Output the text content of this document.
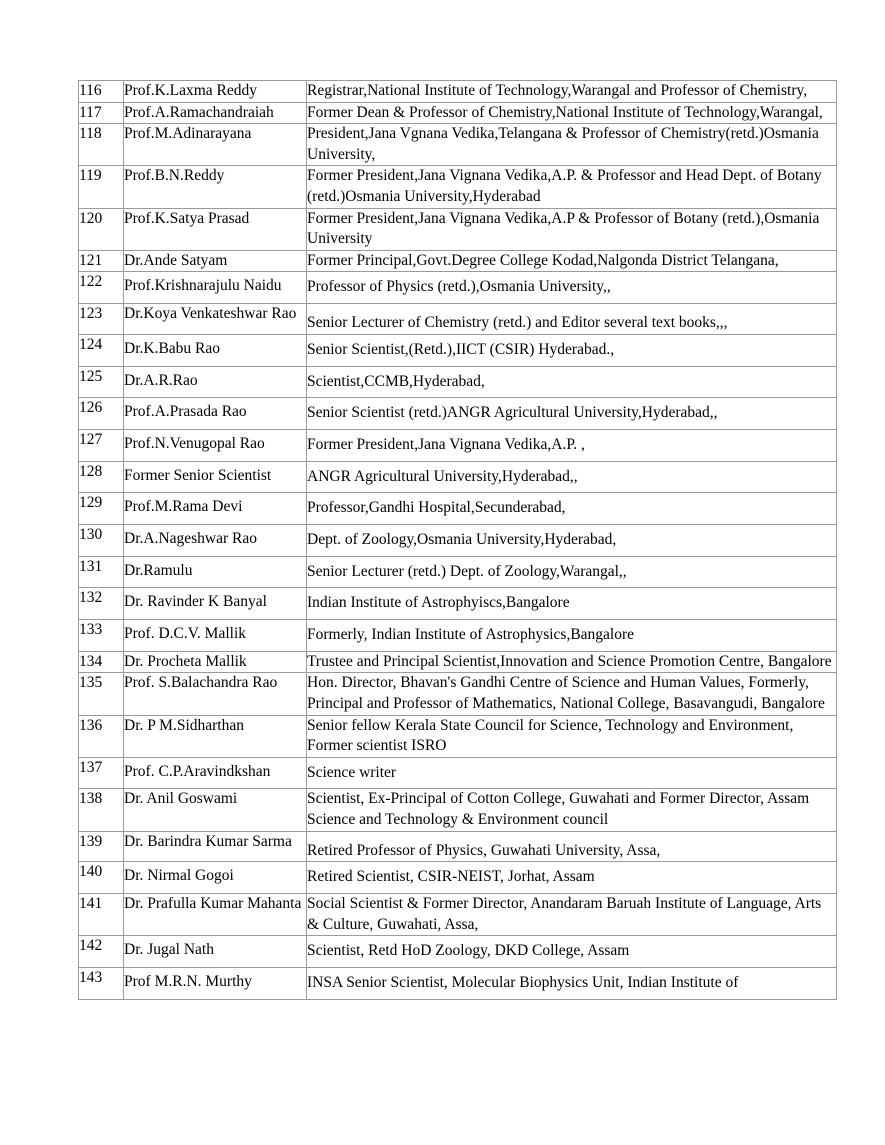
116	Prof.K.Laxma Reddy	Registrar,National Institute of Technology,Warangal and Professor of Chemistry,
117	Prof.A.Ramachandraiah	Former Dean & Professor of Chemistry,National Institute of Technology,Warangal,
118	Prof.M.Adinarayana	President,Jana Vgnana Vedika,Telangana & Professor of Chemistry(retd.)Osmania University,
119	Prof.B.N.Reddy	Former President,Jana Vignana Vedika,A.P. & Professor and Head Dept. of Botany (retd.)Osmania University,Hyderabad
120	Prof.K.Satya Prasad	Former President,Jana Vignana Vedika,A.P & Professor of Botany (retd.),Osmania University
121	Dr.Ande Satyam	Former Principal,Govt.Degree College Kodad,Nalgonda District Telangana,
122	Prof.Krishnarajulu Naidu	Professor of Physics (retd.),Osmania University,,
123	Dr.Koya Venkateshwar Rao	Senior Lecturer of Chemistry (retd.) and Editor several text books,,,
124	Dr.K.Babu Rao	Senior Scientist,(Retd.),IICT (CSIR) Hyderabad.,
125	Dr.A.R.Rao	Scientist,CCMB,Hyderabad,
126	Prof.A.Prasada Rao	Senior Scientist (retd.)ANGR Agricultural University,Hyderabad,,
127	Prof.N.Venugopal Rao	Former President,Jana Vignana Vedika,A.P. ,
128	Former Senior Scientist	ANGR Agricultural University,Hyderabad,,
129	Prof.M.Rama Devi	Professor,Gandhi Hospital,Secunderabad,
130	Dr.A.Nageshwar Rao	Dept. of Zoology,Osmania University,Hyderabad,
131	Dr.Ramulu	Senior Lecturer (retd.) Dept. of Zoology,Warangal,,
132	Dr. Ravinder K Banyal	Indian Institute of Astrophyiscs,Bangalore
133	Prof. D.C.V. Mallik	Formerly, Indian Institute of Astrophysics,Bangalore
134	Dr. Procheta Mallik	Trustee and Principal Scientist,Innovation and Science Promotion Centre, Bangalore
135	Prof. S.Balachandra Rao	Hon. Director, Bhavan's Gandhi Centre of Science and Human Values, Formerly, Principal and Professor of Mathematics, National College, Basavangudi, Bangalore
136	Dr. P M.Sidharthan	Senior fellow Kerala State Council for Science, Technology and Environment, Former scientist ISRO
137	Prof. C.P.Aravindkshan	Science writer
138	Dr. Anil Goswami	Scientist, Ex-Principal of Cotton College, Guwahati and Former Director, Assam Science and Technology & Environment council
139	Dr. Barindra Kumar Sarma	Retired Professor of Physics, Guwahati University, Assa,
140	Dr. Nirmal Gogoi	Retired Scientist, CSIR-NEIST, Jorhat, Assam
141	Dr. Prafulla Kumar Mahanta	Social Scientist & Former Director, Anandaram Baruah Institute of Language, Arts & Culture, Guwahati, Assa,
142	Dr. Jugal Nath	Scientist, Retd HoD Zoology, DKD College, Assam
143	Prof M.R.N. Murthy	INSA Senior Scientist, Molecular Biophysics Unit, Indian Institute of
